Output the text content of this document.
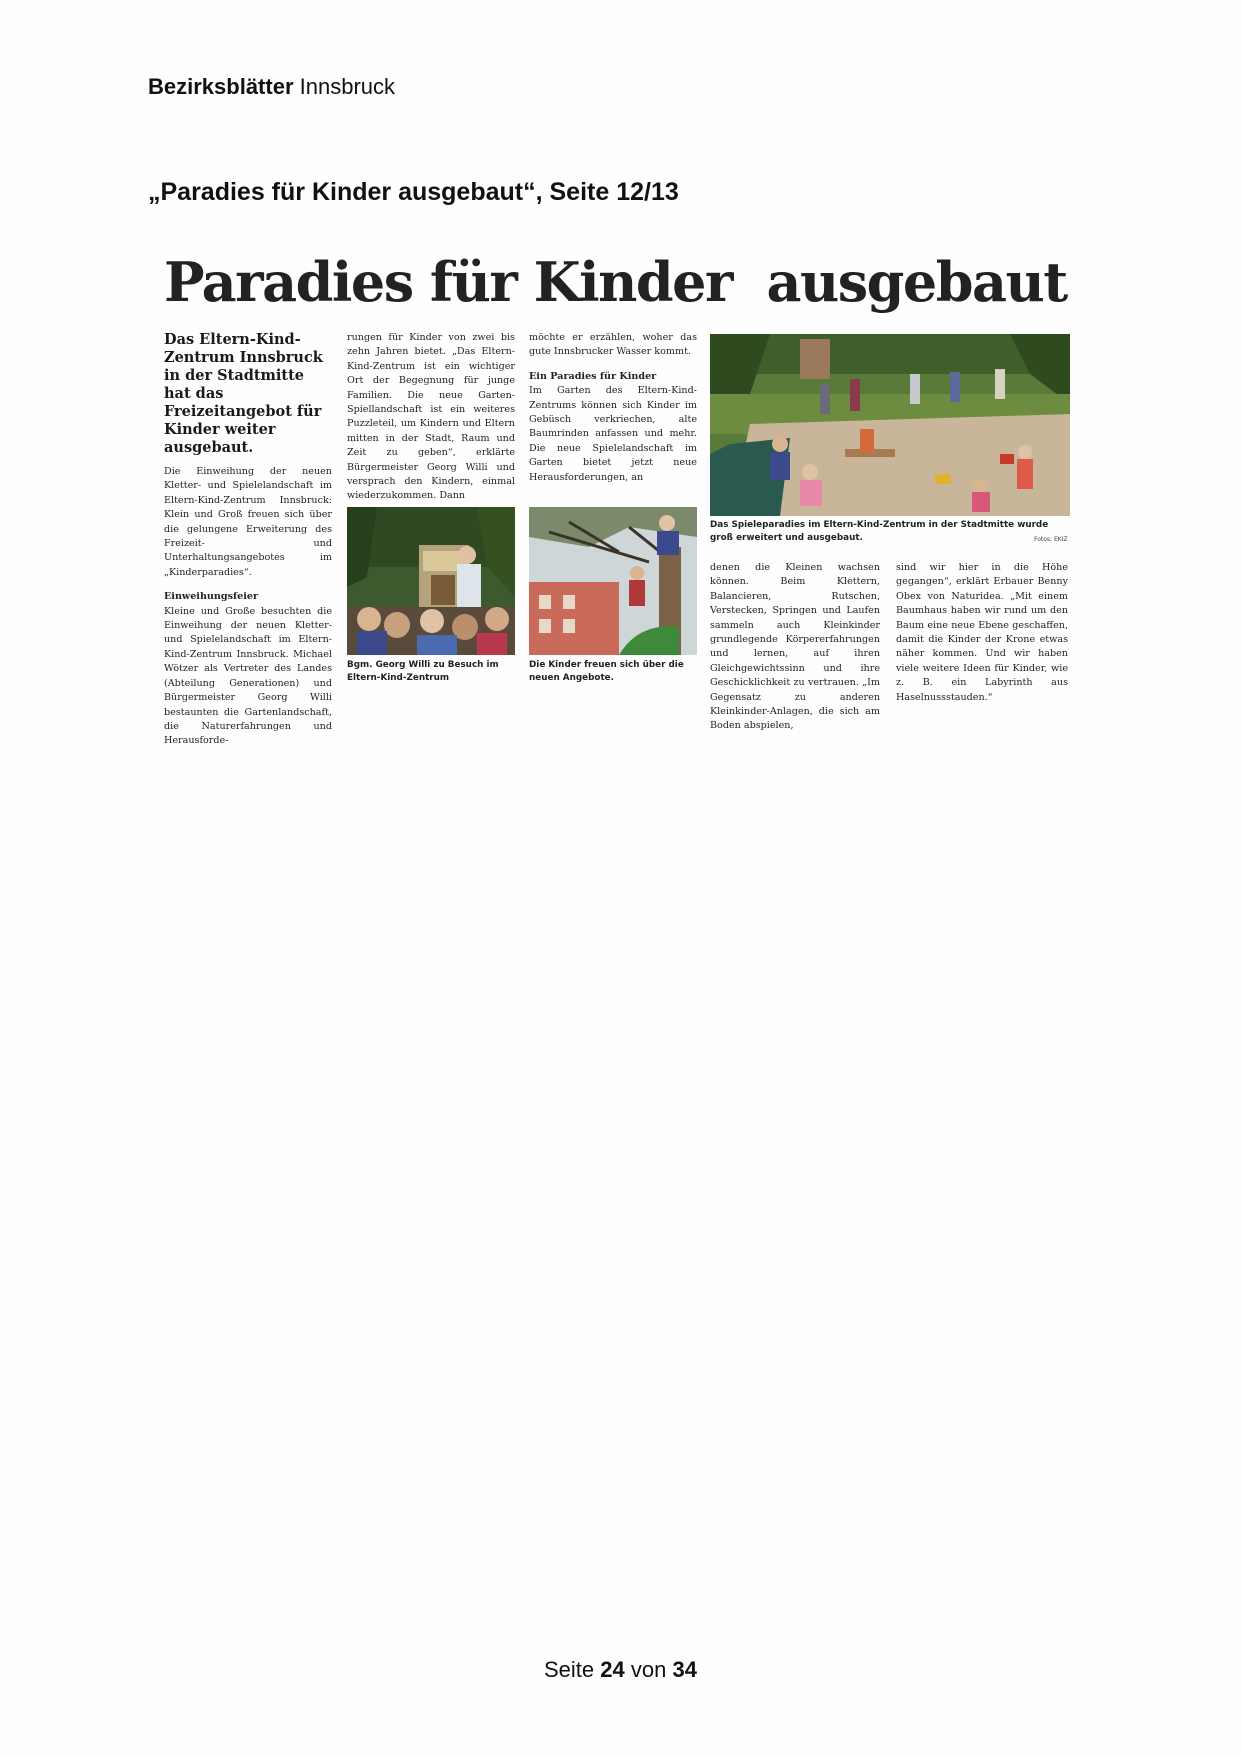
Bezirksblätter Innsbruck
„Paradies für Kinder ausgebaut“, Seite 12/13
Paradies für Kinder  ausgebaut

Das Eltern-Kind-Zentrum Innsbruck in der Stadtmitte hat das Freizeitangebot für Kinder weiter ausgebaut.

Die Einweihung der neuen Kletter- und Spielelandschaft im Eltern-Kind-Zentrum Innsbruck: Klein und Groß freuen sich über die gelungene Erweiterung des Freizeit- und Unterhaltungsangebotes im „Kinderparadies“.

Einweihungsfeier

Kleine und Große besuchten die Einweihung der neuen Kletter- und Spielelandschaft im Eltern-Kind-Zentrum Innsbruck. Michael Wötzer als Vertreter des Landes (Abteilung Generationen) und Bürgermeister Georg Willi bestaunten die Gartenlandschaft, die Naturerfahrungen und Herausforde-

rungen für Kinder von zwei bis zehn Jahren bietet. „Das Eltern-Kind-Zentrum ist ein wichtiger Ort der Begegnung für junge Familien. Die neue Garten-Spiellandschaft ist ein weiteres Puzzleteil, um Kindern und Eltern mitten in der Stadt, Raum und Zeit zu geben“, erklärte Bürgermeister Georg Willi und versprach den Kindern, einmal wiederzukommen. Dann

möchte er erzählen, woher das gute Innsbrucker Wasser kommt.

Ein Paradies für Kinder

Im Garten des Eltern-Kind-Zentrums können sich Kinder im Gebüsch verkriechen, alte Baumrinden anfassen und mehr. Die neue Spielelandschaft im Garten bietet jetzt neue Herausforderungen, an

Bgm. Georg Willi zu Besuch im Eltern-Kind-Zentrum
Die Kinder freuen sich über die neuen Angebote.
Das Spieleparadies im Eltern-Kind-Zentrum in der Stadtmitte wurde groß erweitert und ausgebaut.	Fotos: EKIZ

denen die Kleinen wachsen können. Beim Klettern, Balancieren, Rutschen, Verstecken, Springen und Laufen sammeln auch Kleinkinder grundlegende Körpererfahrungen und lernen, auf ihren Gleichgewichtssinn und ihre Geschicklichkeit zu vertrauen. „Im Gegensatz zu anderen Kleinkinder-Anlagen, die sich am Boden abspielen,

sind wir hier in die Höhe gegangen“, erklärt Erbauer Benny Obex von Naturidea. „Mit einem Baumhaus haben wir rund um den Baum eine neue Ebene geschaffen, damit die Kinder der Krone etwas näher kommen. Und wir haben viele weitere Ideen für Kinder, wie z. B. ein Labyrinth aus Haselnussstauden.“

Seite 24 von 34
